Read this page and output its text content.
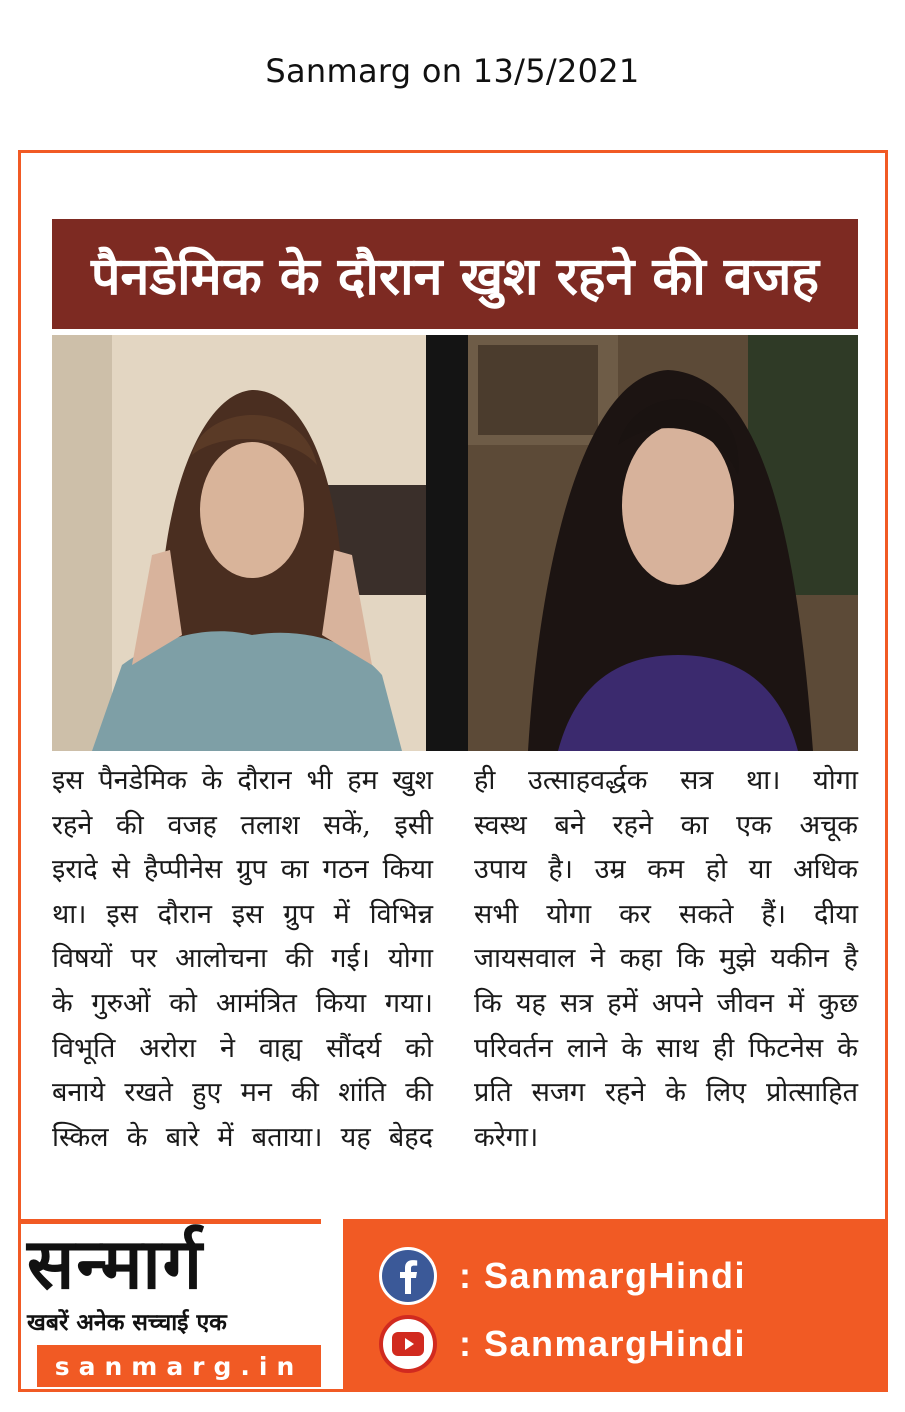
Sanmarg on 13/5/2021
पैनडेमिक के दौरान खुश रहने की वजह
इस पैनडेमिक के दौरान भी हम खुश
रहने की वजह तलाश सकें, इसी
इरादे से हैप्पीनेस ग्रुप का गठन किया
था। इस दौरान इस ग्रुप में विभिन्न
विषयों पर आलोचना की गई। योगा
के गुरुओं को आमंत्रित किया गया।
विभूति अरोरा ने वाह्य सौंदर्य को
बनाये रखते हुए मन की शांति की
स्किल के बारे में बताया। यह बेहद
ही उत्साहवर्द्धक सत्र था। योगा
स्वस्थ बने रहने का एक अचूक
उपाय है। उम्र कम हो या अधिक
सभी योगा कर सकते हैं। दीया
जायसवाल ने कहा कि मुझे यकीन है
कि यह सत्र हमें अपने जीवन में कुछ
परिवर्तन लाने के साथ ही फिटनेस के
प्रति सजग रहने के लिए प्रोत्साहित
करेगा।
सन्मार्ग
खबरें अनेक सच्चाई एक
sanmarg.in
: SanmargHindi
: SanmargHindi
